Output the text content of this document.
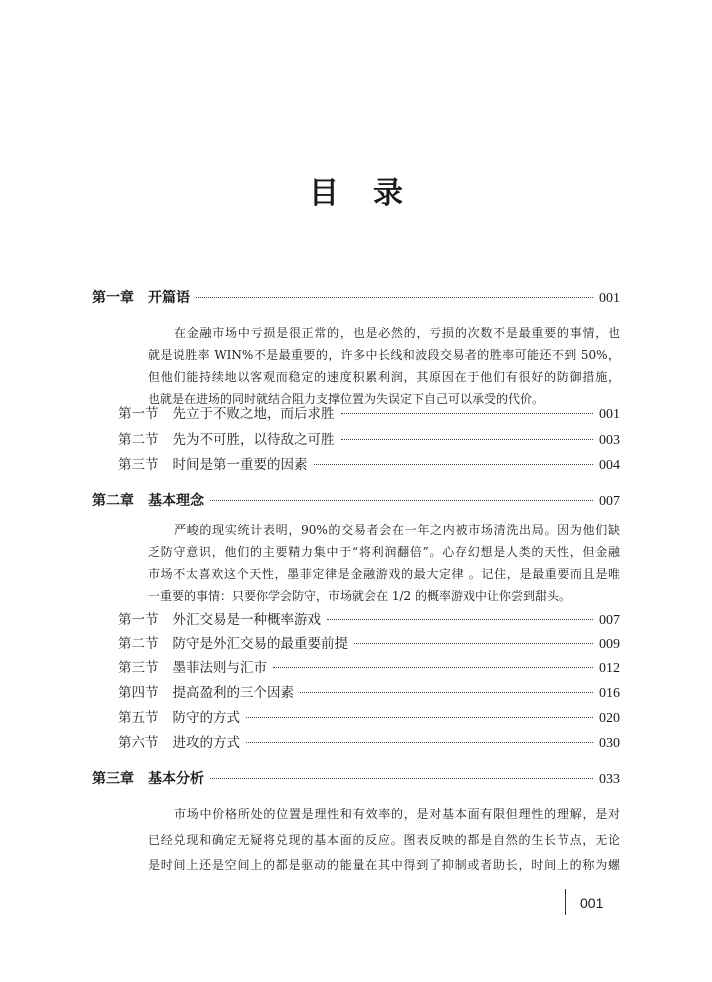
目录
第一章 开篇语	001
在金融市场中亏损是很正常的，也是必然的，亏损的次数不是最重要的事情，也
就是说胜率 WIN%不是最重要的，许多中长线和波段交易者的胜率可能还不到 50%，
但他们能持续地以客观而稳定的速度积累利润，其原因在于他们有很好的防御措施，
也就是在进场的同时就结合阻力支撑位置为失误定下自己可以承受的代价。
第一节 先立于不败之地，而后求胜	001
第二节 先为不可胜，以待敌之可胜	003
第三节 时间是第一重要的因素	004
第二章 基本理念	007
严峻的现实统计表明，90%的交易者会在一年之内被市场清洗出局。因为他们缺
乏防守意识，他们的主要精力集中于“将利润翻倍”。心存幻想是人类的天性，但金融
市场不太喜欢这个天性，墨菲定律是金融游戏的最大定律 。记住，是最重要而且是唯
一重要的事情：只要你学会防守，市场就会在 1/2 的概率游戏中让你尝到甜头。
第一节 外汇交易是一种概率游戏	007
第二节 防守是外汇交易的最重要前提	009
第三节 墨菲法则与汇市	012
第四节 提高盈利的三个因素	016
第五节 防守的方式	020
第六节 进攻的方式	030
第三章 基本分析	033
市场中价格所处的位置是理性和有效率的，是对基本面有限但理性的理解，是对
已经兑现和确定无疑将兑现的基本面的反应。图表反映的都是自然的生长节点，无论
是时间上还是空间上的都是驱动的能量在其中得到了抑制或者助长，时间上的称为螺
001
